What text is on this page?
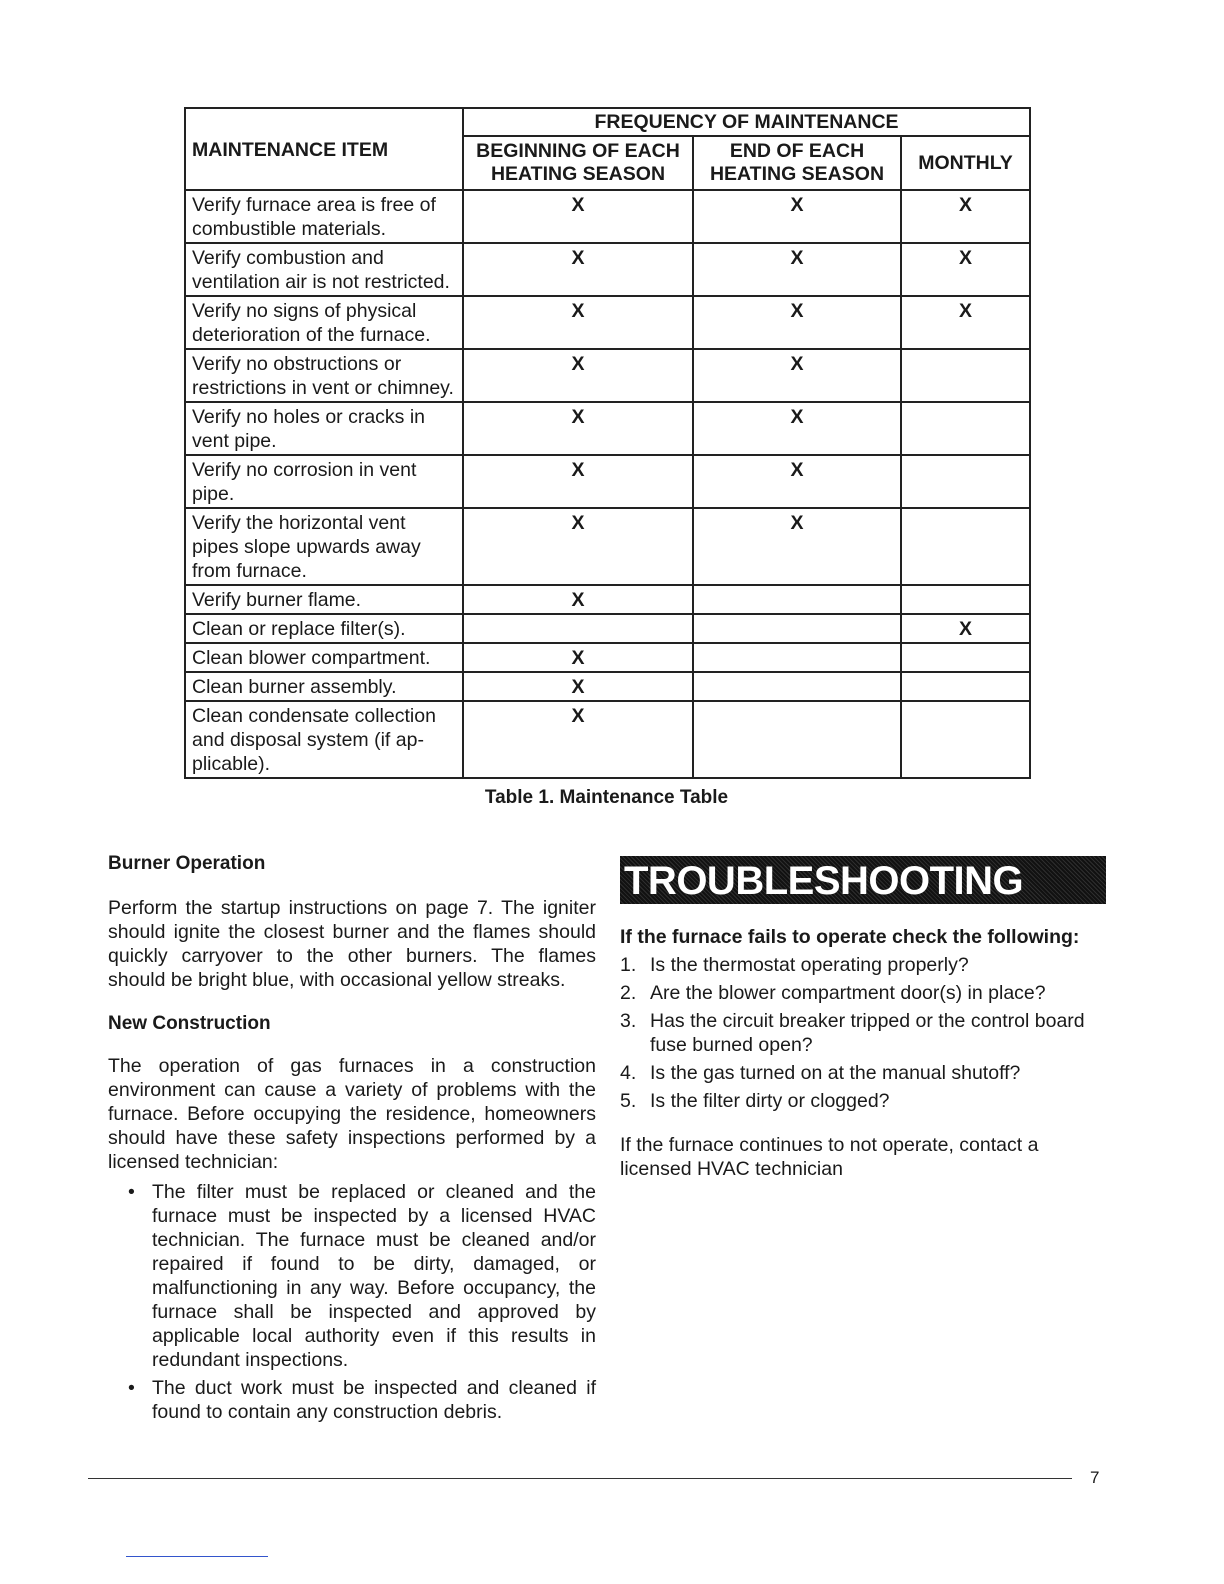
MAINTENANCE ITEM	FREQUENCY OF MAINTENANCE		
	BEGINNING OF EACH HEATING SEASON	END OF EACH HEATING SEASON	MONTHLY
Verify furnace area is free of combustible materials.	X	X	X
Verify combustion and ventilation air is not restricted.	X	X	X
Verify no signs of physical deterioration of the furnace.	X	X	X
Verify no obstructions or restrictions in vent or chimney.	X	X	
Verify no holes or cracks in vent pipe.	X	X	
Verify no corrosion in vent pipe.	X	X	
Verify the horizontal vent pipes slope upwards away from furnace.	X	X	
Verify burner flame.	X		
Clean or replace filter(s).			X
Clean blower compartment.	X		
Clean burner assembly.	X		
Clean condensate collection and disposal system (if ap-plicable).	X		
Table 1. Maintenance Table
Burner Operation

Perform the startup instructions on page 7. The igniter should ignite the closest burner and the flames should quickly carryover to the other burners. The flames should be bright blue, with occasional yellow streaks.

New Construction

The operation of gas furnaces in a construction environment can cause a variety of problems with the furnace. Before occupying the residence, homeowners should have these safety inspections performed by a licensed technician:

• The filter must be replaced or cleaned and the furnace must be inspected by a licensed HVAC technician. The furnace must be cleaned and/or repaired if found to be dirty, damaged, or malfunctioning in any way. Before occupancy, the furnace shall be inspected and approved by applicable local authority even if this results in redundant inspections.
• The duct work must be inspected and cleaned if found to contain any construction debris.
TROUBLESHOOTING
If the furnace fails to operate check the following:
1. Is the thermostat operating properly?
2. Are the blower compartment door(s) in place?
3. Has the circuit breaker tripped or the control board fuse burned open?
4. Is the gas turned on at the manual shutoff?
5. Is the filter dirty or clogged?

If the furnace continues to not operate, contact a licensed HVAC technician

7
